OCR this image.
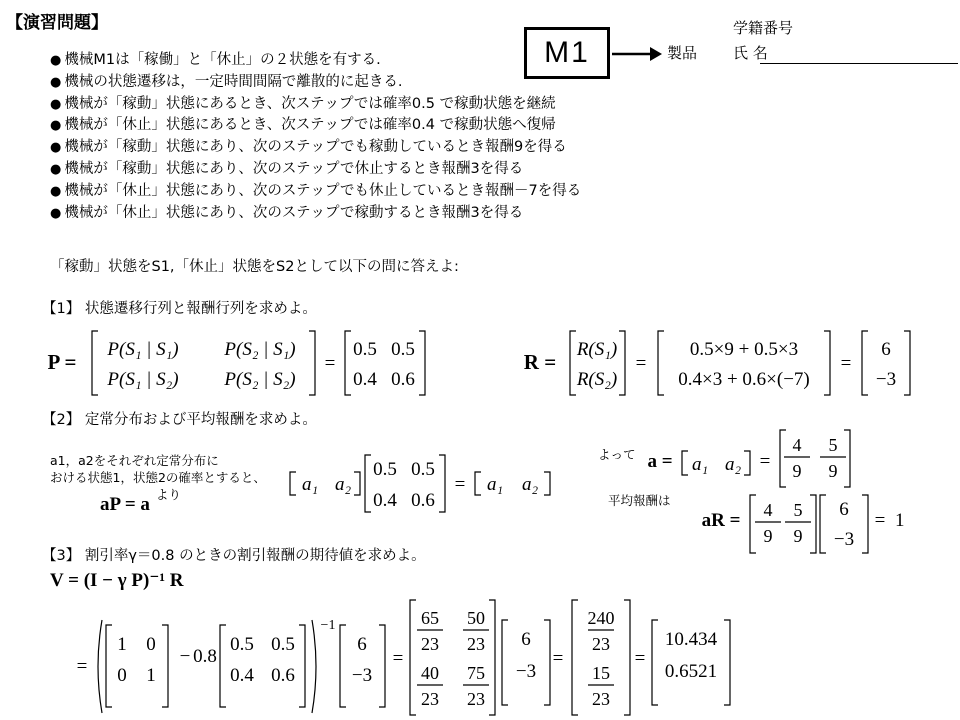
【演習問題】
● 機械M1は「稼働」と「休止」の２状態を有する.
● 機械の状態遷移は，一定時間間隔で離散的に起きる.
● 機械が「稼動」状態にあるとき、次ステップでは確率0.5 で稼動状態を継続
● 機械が「休止」状態にあるとき、次ステップでは確率0.4 で稼動状態へ復帰
● 機械が「稼動」状態にあり、次のステップでも稼動しているとき報酬9を得る
● 機械が「稼動」状態にあり、次のステップで休止するとき報酬3を得る
● 機械が「休止」状態にあり、次のステップでも休止しているとき報酬－7を得る
● 機械が「休止」状態にあり、次のステップで稼動するとき報酬3を得る
M1	製品
学籍番号
氏 名
「稼動」状態をS1,「休止」状態をS2として以下の問に答えよ:
【1】 状態遷移行列と報酬行列を求めよ。
【2】 定常分布および平均報酬を求めよ。
【3】 割引率γ＝0.8 のときの割引報酬の期待値を求めよ。
P =
P(S₁ | S₁) P(S₂ | S₁)
P(S₁ | S₂) P(S₂ | S₂)
=
0.5 0.5
0.4 0.6
R =
R(S₁)
R(S₂)
=
0.5×9 + 0.5×3
0.4×3 + 0.6×(−7)
=
6
−3
a1，a2をそれぞれ定常分布に
おける状態1，状態2の確率とすると、
より
aP = a
a₁ a₂
0.5 0.5
0.4 0.6
= a₁ a₂
よって
平均報酬は
a = a₁ a₂ =
4
9
5
9
aR = 4
9
5
9
6
−3
= 1
V = (I − γ P)⁻¹ R
=
1 0
0 1
− 0.8
0.5 0.5
0.4 0.6
−1
6
−3
=
65
23
50
23
40
23
75
23
6
−3
=
240
23
15
23
=
10.434
0.6521
